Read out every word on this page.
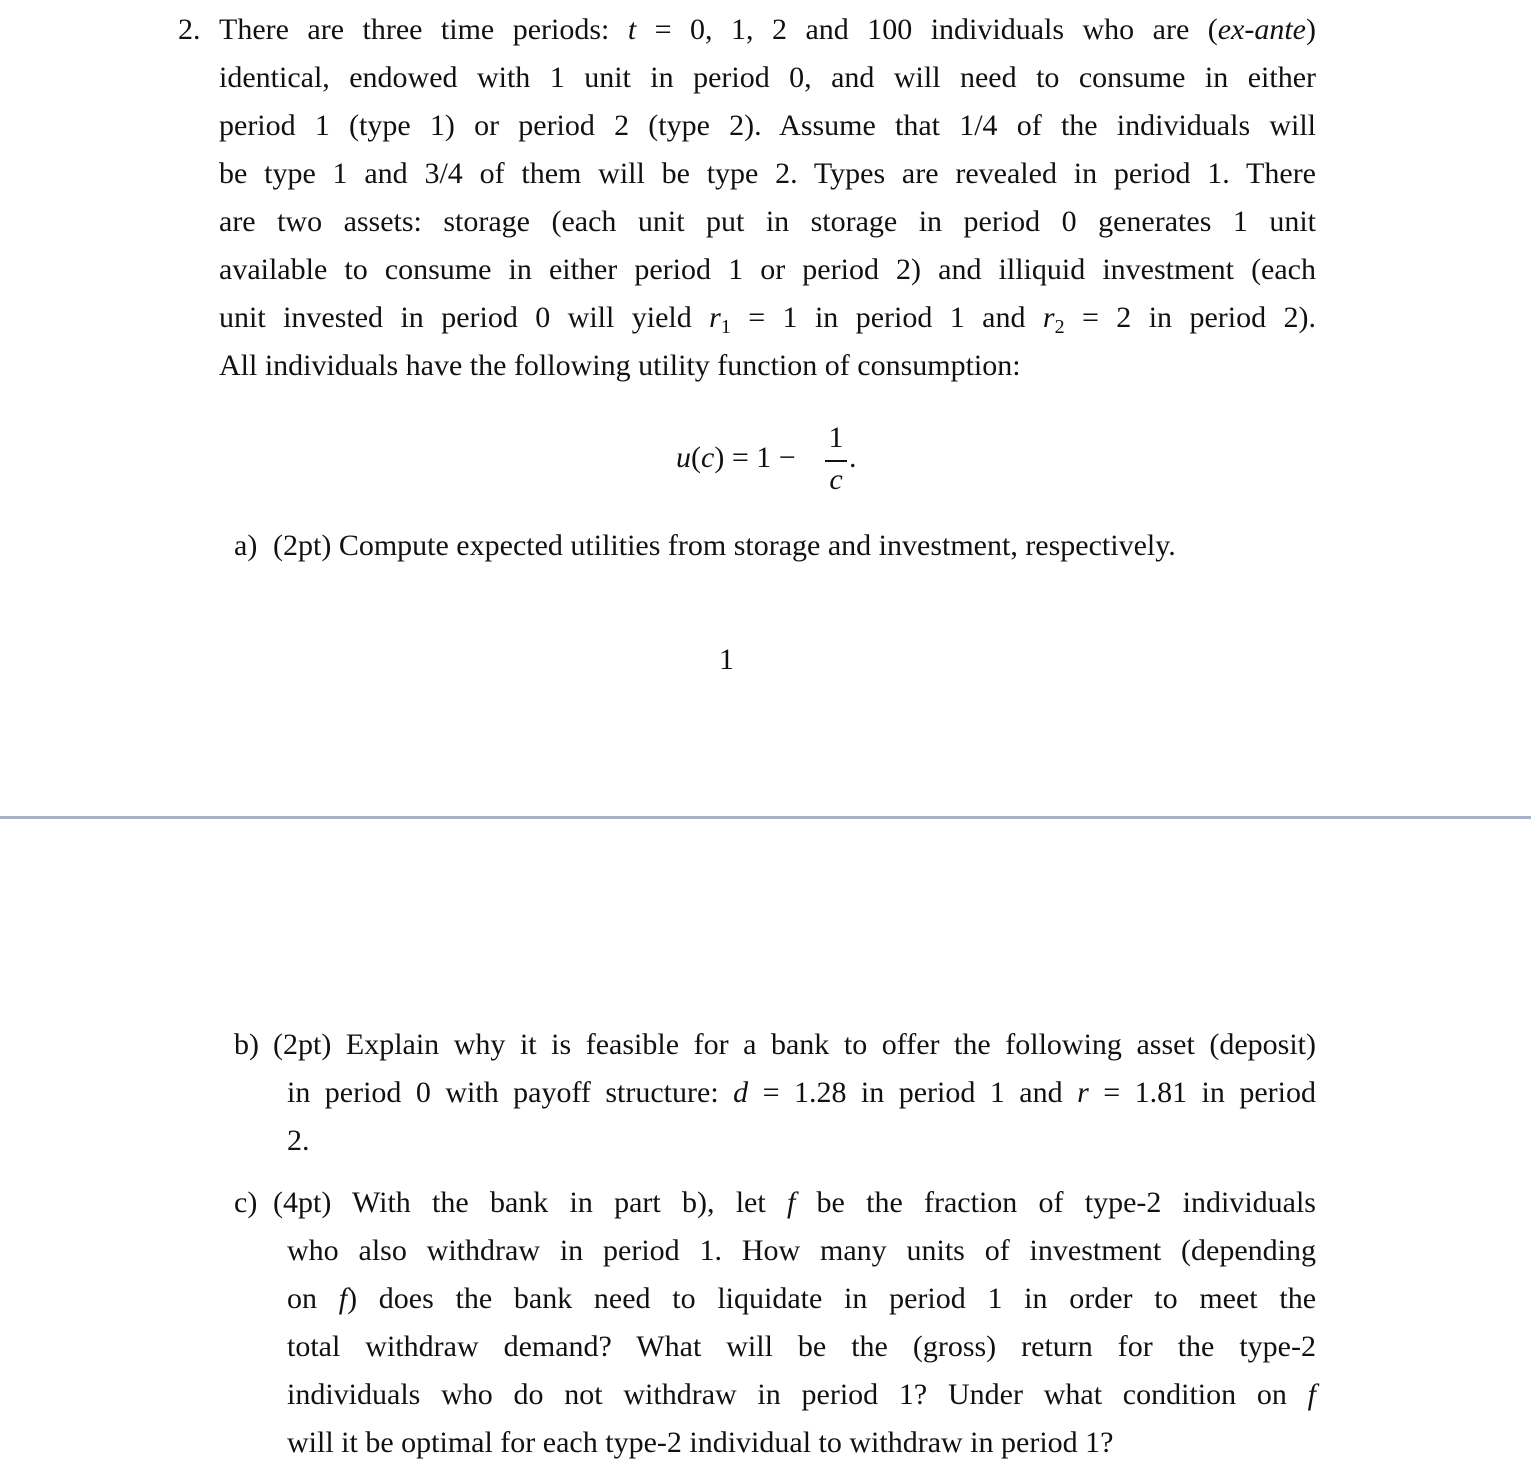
2. There are three time periods: t = 0, 1, 2 and 100 individuals who are (ex-ante)
identical, endowed with 1 unit in period 0, and will need to consume in either
period 1 (type 1) or period 2 (type 2). Assume that 1/4 of the individuals will
be type 1 and 3/4 of them will be type 2. Types are revealed in period 1. There
are two assets: storage (each unit put in storage in period 0 generates 1 unit
available to consume in either period 1 or period 2) and illiquid investment (each
unit invested in period 0 will yield $r_1 = 1$ in period 1 and $r_2 = 2$ in period 2).
All individuals have the following utility function of consumption:
u(c) = 1 −
1
c
.
a) (2pt) Compute expected utilities from storage and investment, respectively.
1
b) (2pt) Explain why it is feasible for a bank to offer the following asset (deposit)
in period 0 with payoff structure: d = 1.28 in period 1 and r = 1.81 in period
2.
c) (4pt) With the bank in part b), let f be the fraction of type-2 individuals
who also withdraw in period 1. How many units of investment (depending
on f) does the bank need to liquidate in period 1 in order to meet the
total withdraw demand? What will be the (gross) return for the type-2
individuals who do not withdraw in period 1? Under what condition on f
will it be optimal for each type-2 individual to withdraw in period 1?
